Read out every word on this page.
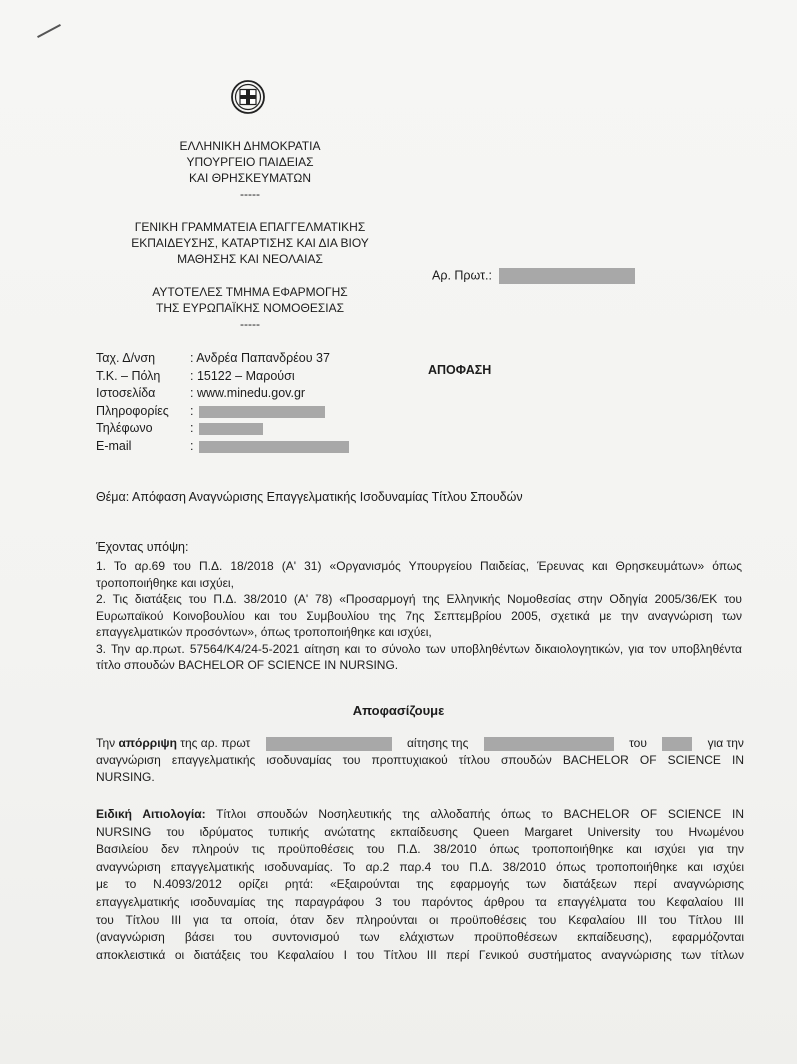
ΕΛΛΗΝΙΚΗ ΔΗΜΟΚΡΑΤΙΑ
ΥΠΟΥΡΓΕΙΟ ΠΑΙΔΕΙΑΣ
ΚΑΙ ΘΡΗΣΚΕΥΜΑΤΩΝ
-----
ΓΕΝΙΚΗ ΓΡΑΜΜΑΤΕΙΑ ΕΠΑΓΓΕΛΜΑΤΙΚΗΣ
ΕΚΠΑΙΔΕΥΣΗΣ, ΚΑΤΑΡΤΙΣΗΣ ΚΑΙ ΔΙΑ ΒΙΟΥ
ΜΑΘΗΣΗΣ ΚΑΙ ΝΕΟΛΑΙΑΣ
ΑΥΤΟΤΕΛΕΣ ΤΜΗΜΑ ΕΦΑΡΜΟΓΗΣ
ΤΗΣ ΕΥΡΩΠΑΪΚΗΣ ΝΟΜΟΘΕΣΙΑΣ
-----
Αρ. Πρωτ.:
ΑΠΟΦΑΣΗ
Ταχ. Δ/νση	: Ανδρέα Παπανδρέου 37
Τ.Κ. – Πόλη	: 15122 – Μαρούσι
Ιστοσελίδα	: www.minedu.gov.gr
Πληροφορίες	:
Τηλέφωνο	:
E-mail	:
Θέμα: Απόφαση Αναγνώρισης Επαγγελματικής Ισοδυναμίας Τίτλου Σπουδών
Έχοντας υπόψη:
1. Το αρ.69 του Π.Δ. 18/2018 (Α' 31) «Οργανισμός Υπουργείου Παιδείας, Έρευνας και Θρησκευμάτων» όπως τροποποιήθηκε και ισχύει,
2. Τις διατάξεις του Π.Δ. 38/2010 (Α' 78) «Προσαρμογή της Ελληνικής Νομοθεσίας στην Οδηγία 2005/36/ΕΚ του Ευρωπαϊκού Κοινοβουλίου και του Συμβουλίου της 7ης Σεπτεμβρίου 2005, σχετικά με την αναγνώριση των επαγγελματικών προσόντων», όπως τροποποιήθηκε και ισχύει,
3. Την αρ.πρωτ. 57564/Κ4/24-5-2021 αίτηση και το σύνολο των υποβληθέντων δικαιολογητικών, για τον υποβληθέντα τίτλο σπουδών BACHELOR OF SCIENCE IN NURSING.
Αποφασίζουμε
Την απόρριψη της αρ. πρωτ	αίτησης της	του	για την
αναγνώριση επαγγελματικής ισοδυναμίας του προπτυχιακού τίτλου σπουδών BACHELOR OF SCIENCE IN
NURSING.
Ειδική Αιτιολογία: Τίτλοι σπουδών Νοσηλευτικής της αλλοδαπής όπως το BACHELOR OF SCIENCE IN
NURSING του ιδρύματος τυπικής ανώτατης εκπαίδευσης Queen Margaret University του Ηνωμένου
Βασιλείου δεν πληρούν τις προϋποθέσεις του Π.Δ. 38/2010 όπως τροποποιήθηκε και ισχύει για την
αναγνώριση επαγγελματικής ισοδυναμίας. Το αρ.2 παρ.4 του Π.Δ. 38/2010 όπως τροποποιήθηκε και ισχύει
με το Ν.4093/2012 ορίζει ρητά: «Εξαιρούνται της εφαρμογής των διατάξεων περί αναγνώρισης
επαγγελματικής ισοδυναμίας της παραγράφου 3 του παρόντος άρθρου τα επαγγέλματα του Κεφαλαίου ΙΙΙ
του Τίτλου ΙΙΙ για τα οποία, όταν δεν πληρούνται οι προϋποθέσεις του Κεφαλαίου ΙΙΙ του Τίτλου ΙΙΙ
(αναγνώριση βάσει του συντονισμού των ελάχιστων προϋποθέσεων εκπαίδευσης), εφαρμόζονται
αποκλειστικά οι διατάξεις του Κεφαλαίου Ι του Τίτλου ΙΙΙ περί Γενικού συστήματος αναγνώρισης των τίτλων
